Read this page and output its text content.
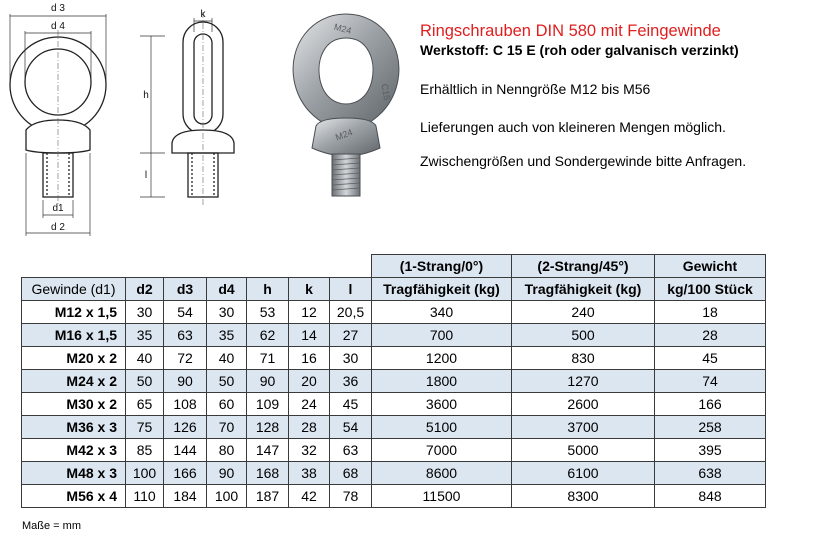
d 3
d 4
h
l
d1
d 2
k
M24
C15
M24
Ringschrauben DIN 580 mit Feingewinde
Werkstoff: C 15 E (roh oder galvanisch verzinkt)
Erhältlich in Nenngröße M12 bis M56
Lieferungen auch von kleineren Mengen möglich.
Zwischengrößen und Sondergewinde bitte Anfragen.
							(1-Strang/0°)	(2-Strang/45°)	Gewicht
Gewinde (d1)	d2	d3	d4	h	k	l	Tragfähigkeit (kg)	Tragfähigkeit (kg)	kg/100 Stück
M12 x 1,5	30	54	30	53	12	20,5	340	240	18
M16 x 1,5	35	63	35	62	14	27	700	500	28
M20 x 2	40	72	40	71	16	30	1200	830	45
M24 x 2	50	90	50	90	20	36	1800	1270	74
M30 x 2	65	108	60	109	24	45	3600	2600	166
M36 x 3	75	126	70	128	28	54	5100	3700	258
M42 x 3	85	144	80	147	32	63	7000	5000	395
M48 x 3	100	166	90	168	38	68	8600	6100	638
M56 x 4	110	184	100	187	42	78	11500	8300	848
Maße = mm
